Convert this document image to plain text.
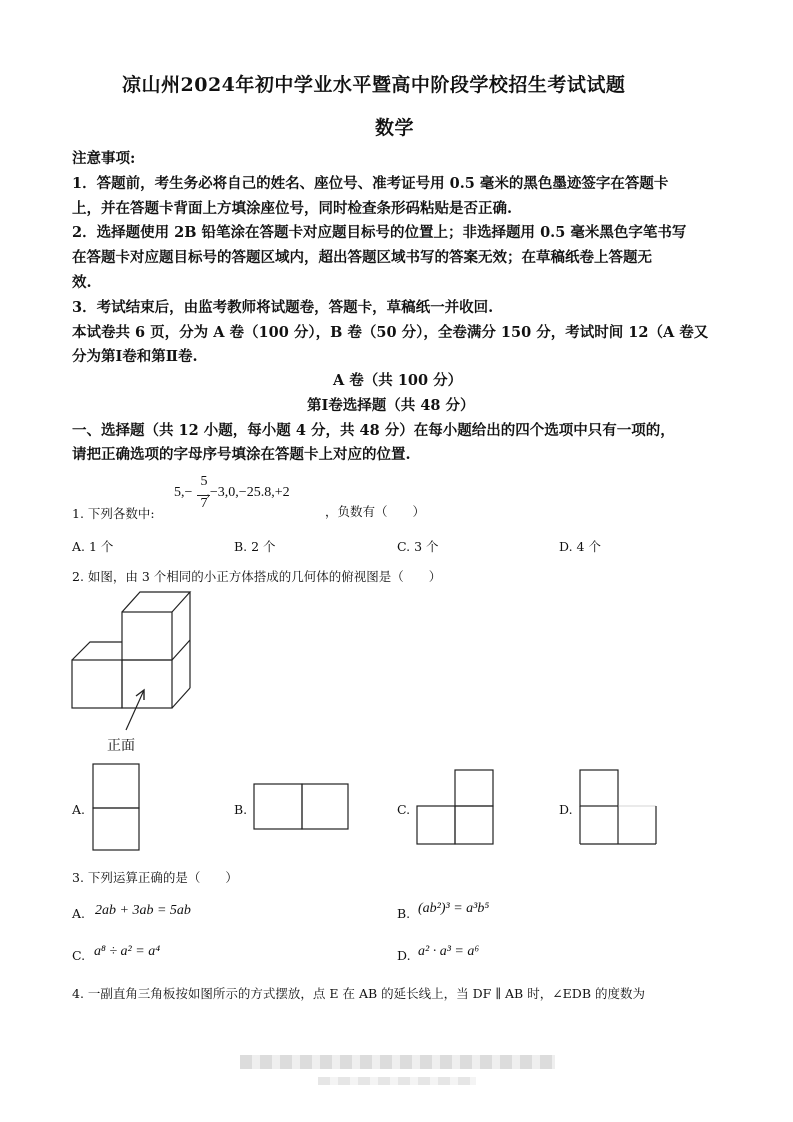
凉山州2024年初中学业水平暨高中阶段学校招生考试试题
数学
注意事项:
1．答题前，考生务必将自己的姓名、座位号、准考证号用 0.5 毫米的黑色墨迹签字在答题卡
上，并在答题卡背面上方填涂座位号，同时检查条形码粘贴是否正确.
2．选择题使用 2B 铅笔涂在答题卡对应题目标号的位置上；非选择题用 0.5 毫米黑色字笔书写
在答题卡对应题目标号的答题区域内，超出答题区域书写的答案无效；在草稿纸卷上答题无
效.
3．考试结束后，由监考教师将试题卷，答题卡，草稿纸一并收回.
本试卷共 6 页，分为 A 卷（100 分），B 卷（50 分），全卷满分 150 分，考试时间 12（A 卷又
分为第Ⅰ卷和第Ⅱ卷.
A 卷（共 100 分）
第Ⅰ卷选择题（共 48 分）
一、选择题（共 12 小题，每小题 4 分，共 48 分）在每小题给出的四个选项中只有一项的，
请把正确选项的字母序号填涂在答题卡上对应的位置.
1. 下列各数中:
5,− ,−3,0,−25.8,+2
5
7
，负数有（　　）
A. 1 个	B. 2 个	C. 3 个	D. 4 个
2. 如图，由 3 个相同的小正方体搭成的几何体的俯视图是（　　）
正面
A.	B.	C.	D.
3. 下列运算正确的是（　　）
A. 2ab + 3ab = 5ab	B. (ab²)³ = a³b⁵
C. a⁸ ÷ a² = a⁴	D. a² · a³ = a⁶
4. 一副直角三角板按如图所示的方式摆放，点 E 在 AB 的延长线上，当 DF ∥ AB 时，∠EDB 的度数为
